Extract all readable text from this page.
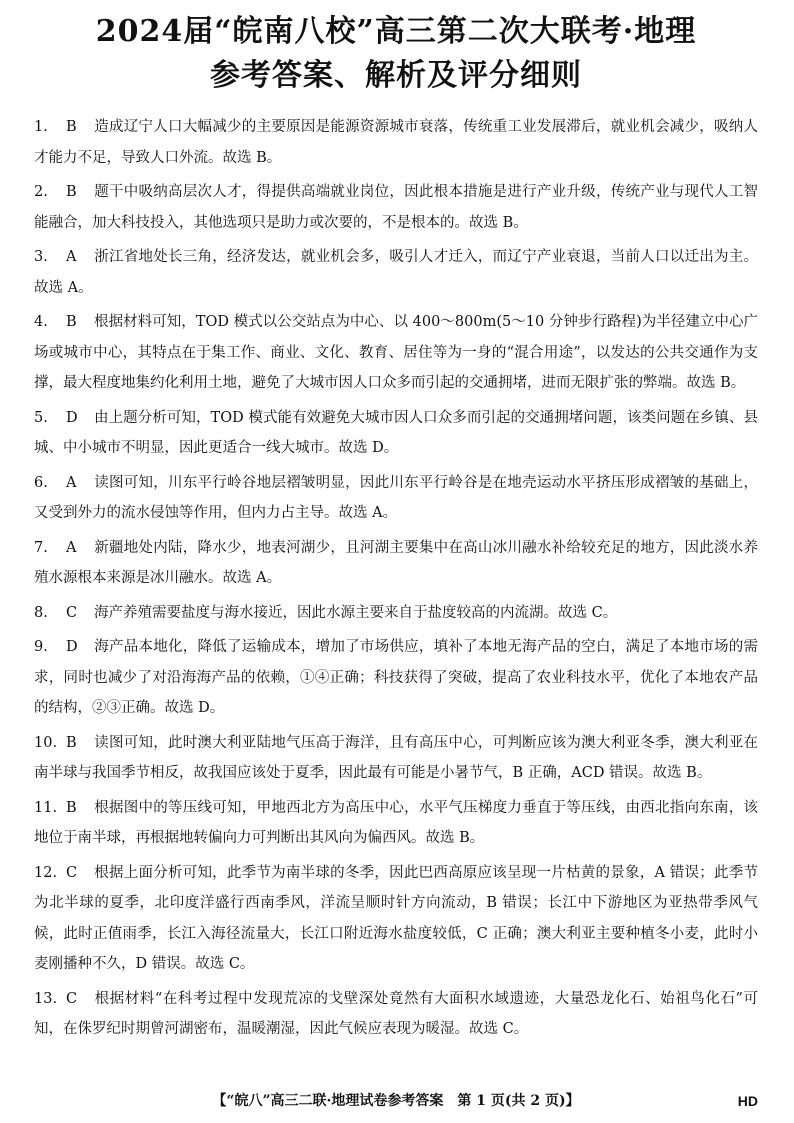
2024届“皖南八校”高三第二次大联考·地理
参考答案、解析及评分细则
1. B 造成辽宁人口大幅减少的主要原因是能源资源城市衰落，传统重工业发展滞后，就业机会减少，吸纳人才能力不足，导致人口外流。故选 B。
2. B 题干中吸纳高层次人才，得提供高端就业岗位，因此根本措施是进行产业升级，传统产业与现代人工智能融合，加大科技投入，其他选项只是助力或次要的，不是根本的。故选 B。
3. A 浙江省地处长三角，经济发达，就业机会多，吸引人才迁入，而辽宁产业衰退，当前人口以迁出为主。故选 A。
4. B 根据材料可知，TOD 模式以公交站点为中心、以 400～800m(5～10 分钟步行路程)为半径建立中心广场或城市中心，其特点在于集工作、商业、文化、教育、居住等为一身的“混合用途”，以发达的公共交通作为支撑，最大程度地集约化利用土地，避免了大城市因人口众多而引起的交通拥堵，进而无限扩张的弊端。故选 B。
5. D 由上题分析可知，TOD 模式能有效避免大城市因人口众多而引起的交通拥堵问题，该类问题在乡镇、县城、中小城市不明显，因此更适合一线大城市。故选 D。
6. A 读图可知，川东平行岭谷地层褶皱明显，因此川东平行岭谷是在地壳运动水平挤压形成褶皱的基础上，又受到外力的流水侵蚀等作用，但内力占主导。故选 A。
7. A 新疆地处内陆，降水少，地表河湖少，且河湖主要集中在高山冰川融水补给较充足的地方，因此淡水养殖水源根本来源是冰川融水。故选 A。
8. C 海产养殖需要盐度与海水接近，因此水源主要来自于盐度较高的内流湖。故选 C。
9. D 海产品本地化，降低了运输成本，增加了市场供应，填补了本地无海产品的空白，满足了本地市场的需求，同时也减少了对沿海海产品的依赖，①④正确；科技获得了突破，提高了农业科技水平，优化了本地农产品的结构，②③正确。故选 D。
10. B 读图可知，此时澳大利亚陆地气压高于海洋，且有高压中心，可判断应该为澳大利亚冬季，澳大利亚在南半球与我国季节相反，故我国应该处于夏季，因此最有可能是小暑节气，B 正确，ACD 错误。故选 B。
11. B 根据图中的等压线可知，甲地西北方为高压中心，水平气压梯度力垂直于等压线，由西北指向东南，该地位于南半球，再根据地转偏向力可判断出其风向为偏西风。故选 B。
12. C 根据上面分析可知，此季节为南半球的冬季，因此巴西高原应该呈现一片枯黄的景象，A 错误；此季节为北半球的夏季，北印度洋盛行西南季风，洋流呈顺时针方向流动，B 错误；长江中下游地区为亚热带季风气候，此时正值雨季，长江入海径流量大，长江口附近海水盐度较低，C 正确；澳大利亚主要种植冬小麦，此时小麦刚播种不久，D 错误。故选 C。
13. C 根据材料“在科考过程中发现荒凉的戈壁深处竟然有大面积水域遗迹，大量恐龙化石、始祖鸟化石”可知，在侏罗纪时期曾河湖密布，温暖潮湿，因此气候应表现为暖湿。故选 C。
【“皖八”高三二联·地理试卷参考答案　第 1 页(共 2 页)】	HD
